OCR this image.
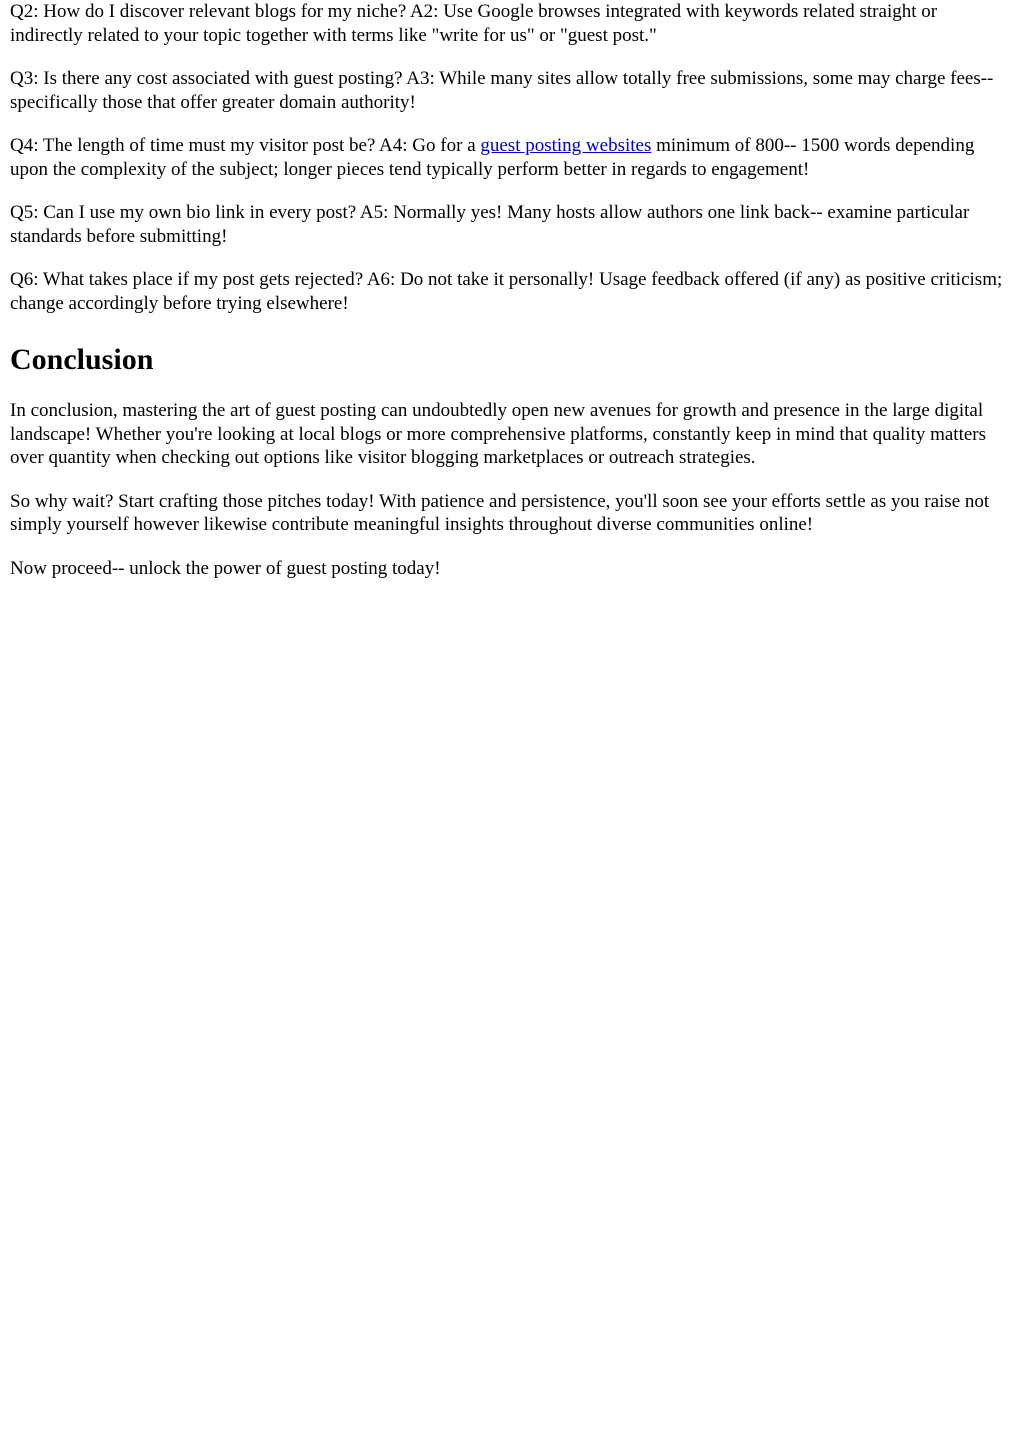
Q2: How do I discover relevant blogs for my niche? A2: Use Google browses integrated with keywords related straight or indirectly related to your topic together with terms like "write for us" or "guest post."

Q3: Is there any cost associated with guest posting? A3: While many sites allow totally free submissions, some may charge fees-- specifically those that offer greater domain authority!

Q4: The length of time must my visitor post be? A4: Go for a guest posting websites minimum of 800-- 1500 words depending upon the complexity of the subject; longer pieces tend typically perform better in regards to engagement!

Q5: Can I use my own bio link in every post? A5: Normally yes! Many hosts allow authors one link back-- examine particular standards before submitting!

Q6: What takes place if my post gets rejected? A6: Do not take it personally! Usage feedback offered (if any) as positive criticism; change accordingly before trying elsewhere!

Conclusion

In conclusion, mastering the art of guest posting can undoubtedly open new avenues for growth and presence in the large digital landscape! Whether you're looking at local blogs or more comprehensive platforms, constantly keep in mind that quality matters over quantity when checking out options like visitor blogging marketplaces or outreach strategies.

So why wait? Start crafting those pitches today! With patience and persistence, you'll soon see your efforts settle as you raise not simply yourself however likewise contribute meaningful insights throughout diverse communities online!

Now proceed-- unlock the power of guest posting today!
